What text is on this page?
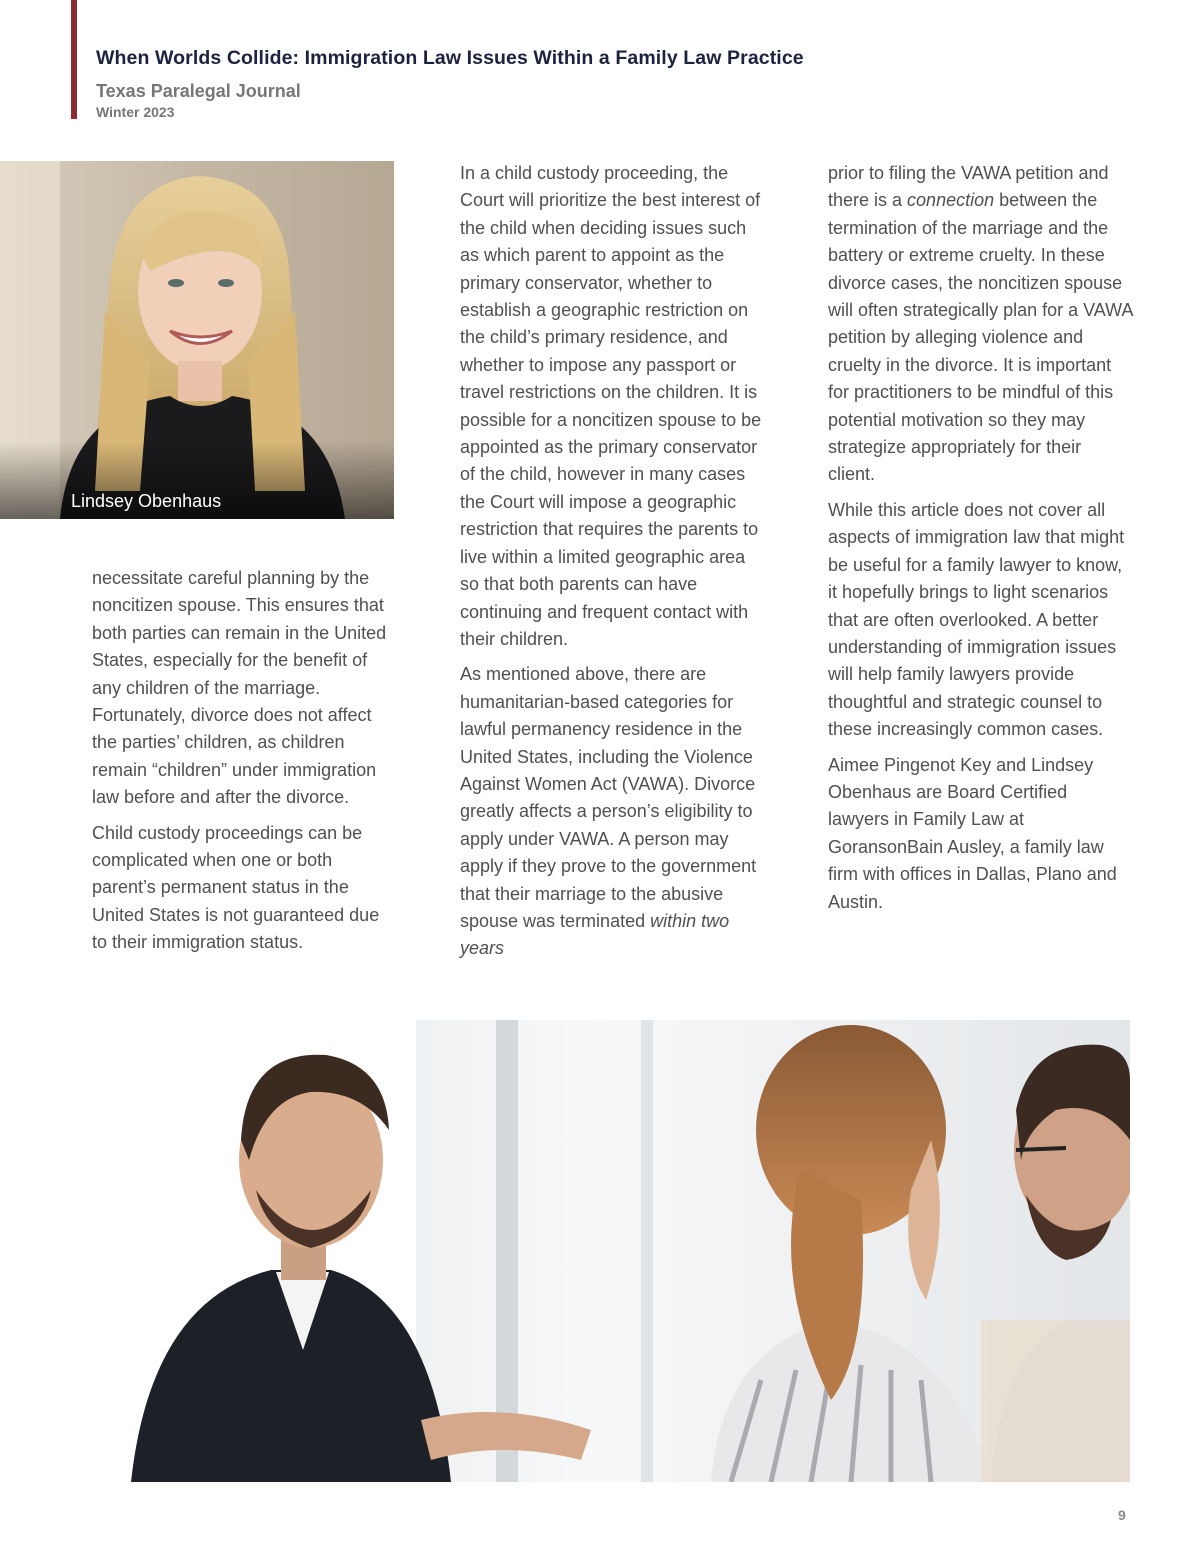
When Worlds Collide: Immigration Law Issues Within a Family Law Practice
Texas Paralegal Journal
Winter 2023
Lindsey Obenhaus

necessitate careful planning by the noncitizen spouse. This ensures that both parties can remain in the United States, especially for the benefit of any children of the marriage. Fortunately, divorce does not affect the parties’ children, as children remain “children” under immigration law before and after the divorce.

Child custody proceedings can be complicated when one or both parent’s permanent status in the United States is not guaranteed due to their immigration status.

In a child custody proceeding, the Court will prioritize the best interest of the child when deciding issues such as which parent to appoint as the primary conservator, whether to establish a geographic restriction on the child’s primary residence, and whether to impose any passport or travel restrictions on the children. It is possible for a noncitizen spouse to be appointed as the primary conservator of the child, however in many cases the Court will impose a geographic restriction that requires the parents to live within a limited geographic area so that both parents can have continuing and frequent contact with their children.

As mentioned above, there are humanitarian-based categories for lawful permanency residence in the United States, including the Violence Against Women Act (VAWA). Divorce greatly affects a person’s eligibility to apply under VAWA. A person may apply if they prove to the government that their marriage to the abusive spouse was terminated within two years

prior to filing the VAWA petition and there is a connection between the termination of the marriage and the battery or extreme cruelty. In these divorce cases, the noncitizen spouse will often strategically plan for a VAWA petition by alleging violence and cruelty in the divorce. It is important for practitioners to be mindful of this potential motivation so they may strategize appropriately for their client.

While this article does not cover all aspects of immigration law that might be useful for a family lawyer to know, it hopefully brings to light scenarios that are often overlooked. A better understanding of immigration issues will help family lawyers provide thoughtful and strategic counsel to these increasingly common cases.

Aimee Pingenot Key and Lindsey Obenhaus are Board Certified lawyers in Family Law at GoransonBain Ausley, a family law firm with offices in Dallas, Plano and Austin.

9
